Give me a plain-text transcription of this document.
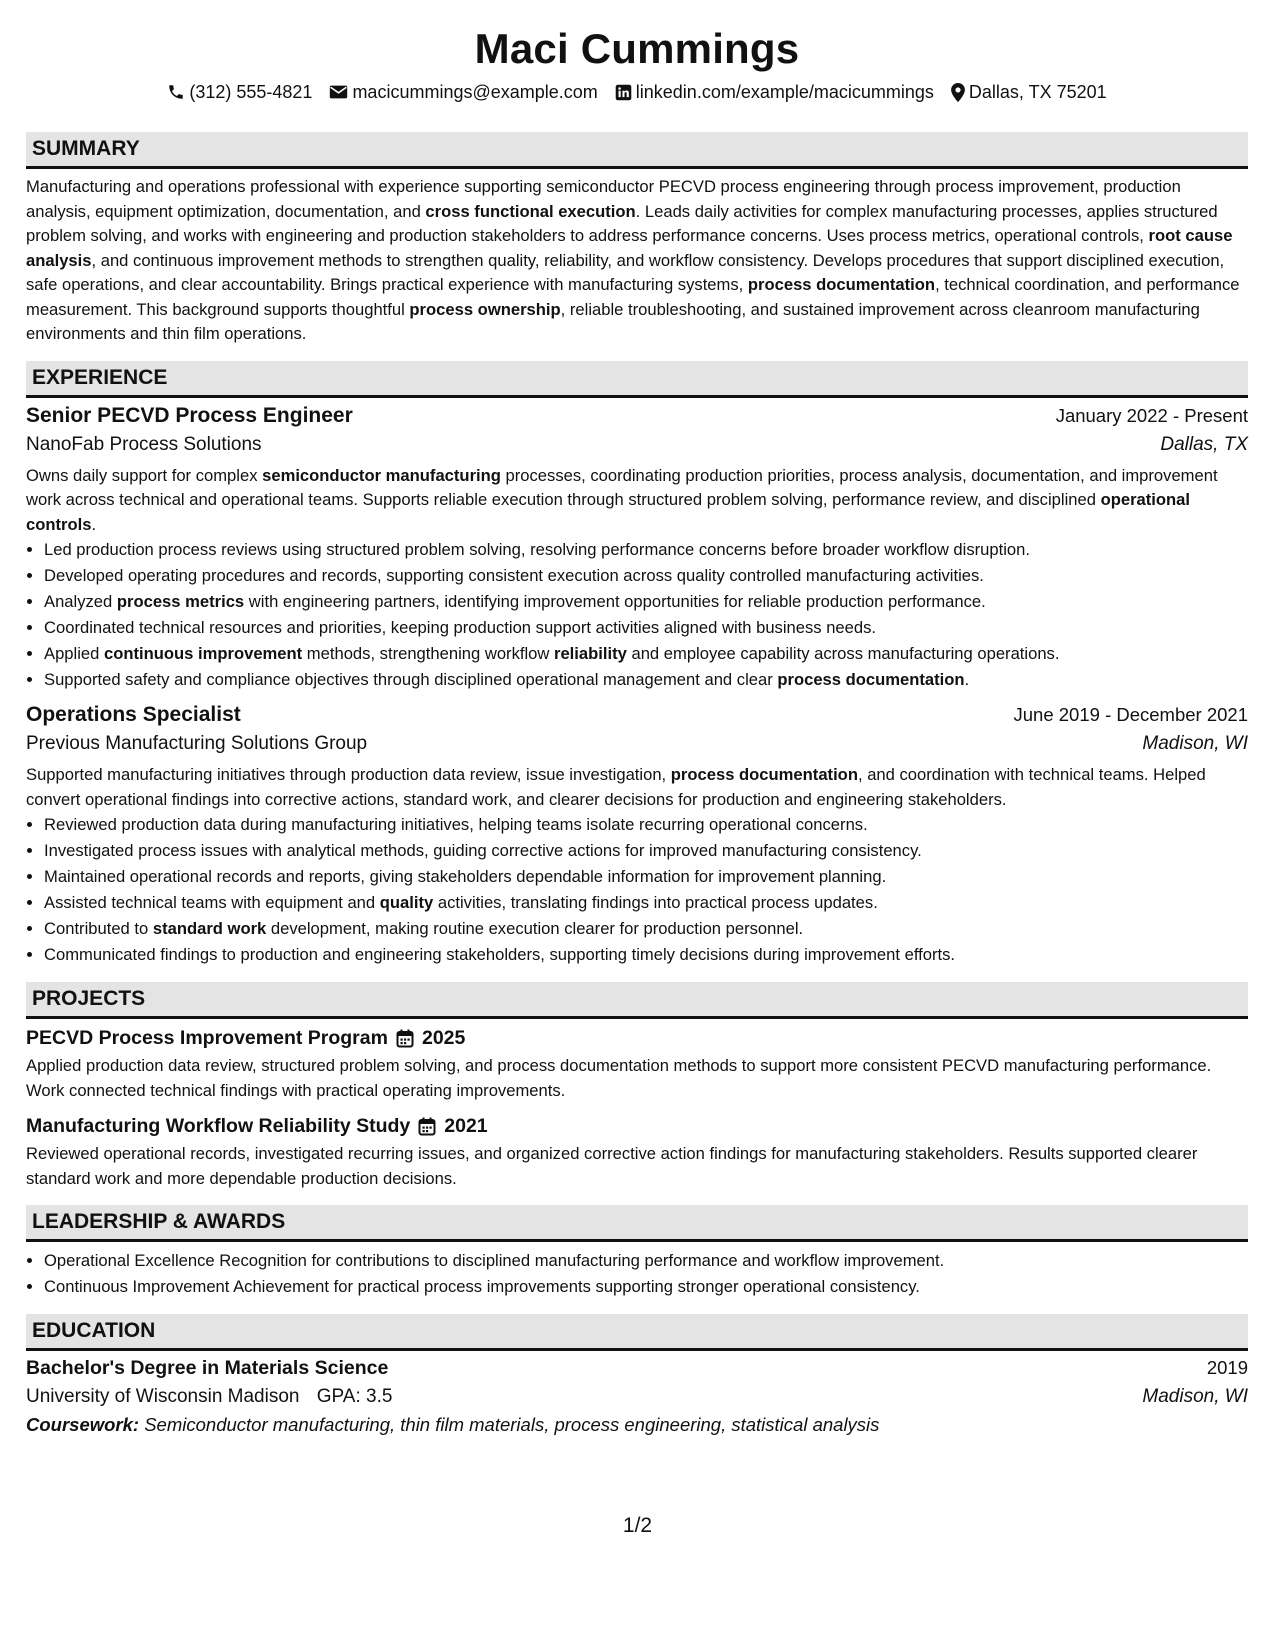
Maci Cummings
(312) 555-4821 macicummings@example.com linkedin.com/example/macicummings Dallas, TX 75201
SUMMARY

Manufacturing and operations professional with experience supporting semiconductor PECVD process engineering through process improvement, production analysis, equipment optimization, documentation, and cross functional execution. Leads daily activities for complex manufacturing processes, applies structured problem solving, and works with engineering and production stakeholders to address performance concerns. Uses process metrics, operational controls, root cause analysis, and continuous improvement methods to strengthen quality, reliability, and workflow consistency. Develops procedures that support disciplined execution, safe operations, and clear accountability. Brings practical experience with manufacturing systems, process documentation, technical coordination, and performance measurement. This background supports thoughtful process ownership, reliable troubleshooting, and sustained improvement across cleanroom manufacturing environments and thin film operations.

EXPERIENCE
Senior PECVD Process Engineer	January 2022 - Present
NanoFab Process Solutions	Dallas, TX

Owns daily support for complex semiconductor manufacturing processes, coordinating production priorities, process analysis, documentation, and improvement work across technical and operational teams. Supports reliable execution through structured problem solving, performance review, and disciplined operational controls.

• Led production process reviews using structured problem solving, resolving performance concerns before broader workflow disruption.
• Developed operating procedures and records, supporting consistent execution across quality controlled manufacturing activities.
• Analyzed process metrics with engineering partners, identifying improvement opportunities for reliable production performance.
• Coordinated technical resources and priorities, keeping production support activities aligned with business needs.
• Applied continuous improvement methods, strengthening workflow reliability and employee capability across manufacturing operations.
• Supported safety and compliance objectives through disciplined operational management and clear process documentation.
Operations Specialist	June 2019 - December 2021
Previous Manufacturing Solutions Group	Madison, WI

Supported manufacturing initiatives through production data review, issue investigation, process documentation, and coordination with technical teams. Helped convert operational findings into corrective actions, standard work, and clearer decisions for production and engineering stakeholders.

• Reviewed production data during manufacturing initiatives, helping teams isolate recurring operational concerns.
• Investigated process issues with analytical methods, guiding corrective actions for improved manufacturing consistency.
• Maintained operational records and reports, giving stakeholders dependable information for improvement planning.
• Assisted technical teams with equipment and quality activities, translating findings into practical process updates.
• Contributed to standard work development, making routine execution clearer for production personnel.
• Communicated findings to production and engineering stakeholders, supporting timely decisions during improvement efforts.
PROJECTS
PECVD Process Improvement Program 2025

Applied production data review, structured problem solving, and process documentation methods to support more consistent PECVD manufacturing performance. Work connected technical findings with practical operating improvements.

Manufacturing Workflow Reliability Study 2021

Reviewed operational records, investigated recurring issues, and organized corrective action findings for manufacturing stakeholders. Results supported clearer standard work and more dependable production decisions.

LEADERSHIP & AWARDS
• Operational Excellence Recognition for contributions to disciplined manufacturing performance and workflow improvement.
• Continuous Improvement Achievement for practical process improvements supporting stronger operational consistency.
EDUCATION
Bachelor's Degree in Materials Science	2019
University of Wisconsin Madison GPA: 3.5	Madison, WI
Coursework: Semiconductor manufacturing, thin film materials, process engineering, statistical analysis
1/2
